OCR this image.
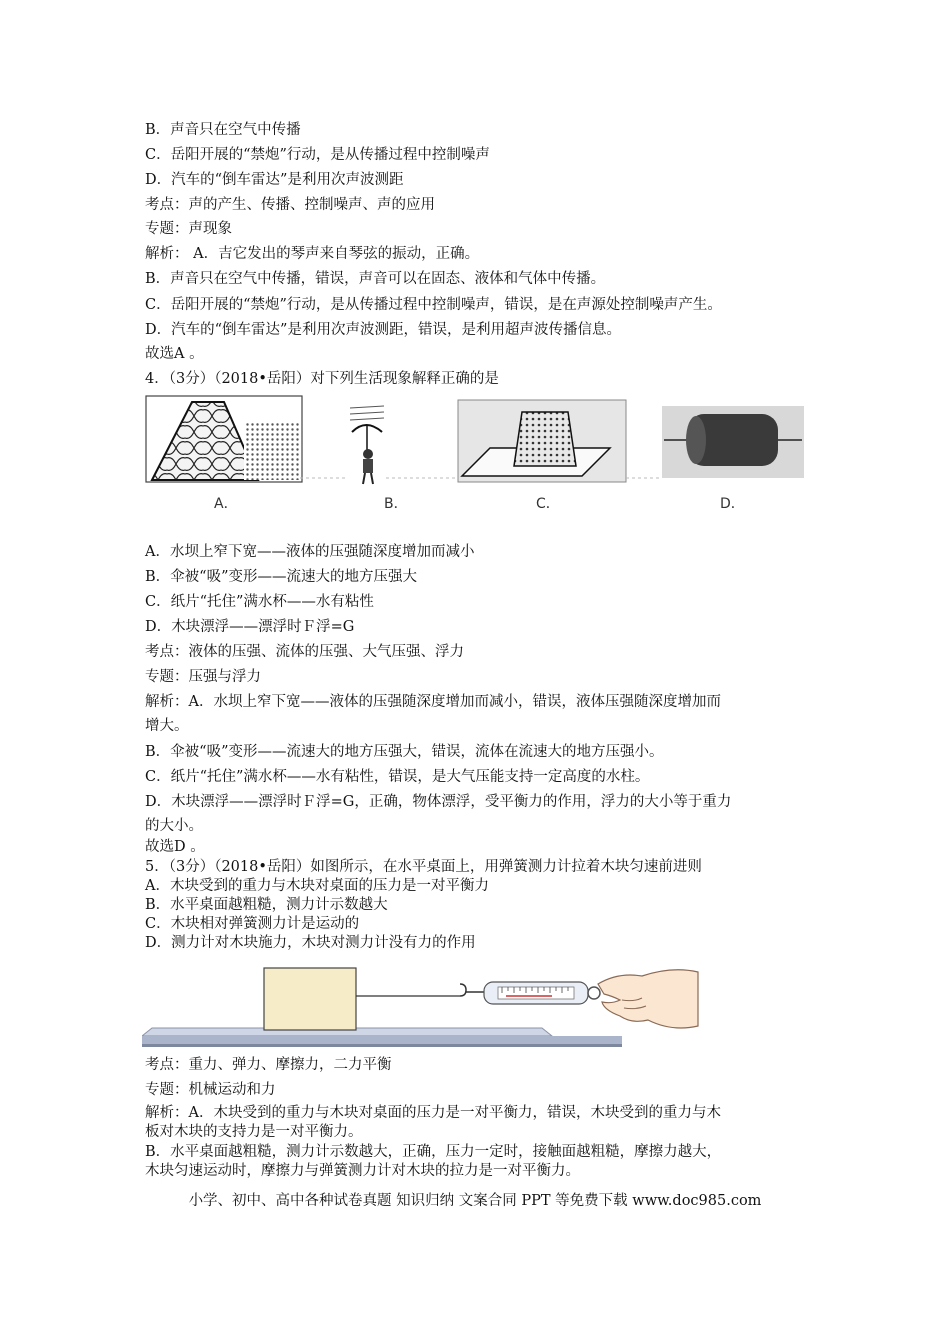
B．声音只在空气中传播
C．岳阳开展的“禁炮”行动，是从传播过程中控制噪声
D．汽车的“倒车雷达”是利用次声波测距
考点：声的产生、传播、控制噪声、声的应用
专题：声现象
解析： A．吉它发出的琴声来自琴弦的振动，正确。
B．声音只在空气中传播，错误，声音可以在固态、液体和气体中传播。
C．岳阳开展的“禁炮”行动，是从传播过程中控制噪声，错误，是在声源处控制噪声产生。
D．汽车的“倒车雷达”是利用次声波测距，错误，是利用超声波传播信息。
故选A 。
4．（3分）（2018•岳阳）对下列生活现象解释正确的是
A．	B．	C．	D．
A．水坝上窄下宽——液体的压强随深度增加而减小
B．伞被“吸”变形——流速大的地方压强大
C．纸片“托住”满水杯——水有粘性
D．木块漂浮——漂浮时Ｆ浮=G
考点：液体的压强、流体的压强、大气压强、浮力
专题：压强与浮力
解析：A．水坝上窄下宽——液体的压强随深度增加而减小，错误，液体压强随深度增加而
增大。
B．伞被“吸”变形——流速大的地方压强大，错误，流体在流速大的地方压强小。
C．纸片“托住”满水杯——水有粘性，错误，是大气压能支持一定高度的水柱。
D．木块漂浮——漂浮时Ｆ浮=G，正确，物体漂浮，受平衡力的作用，浮力的大小等于重力
的大小。
故选D 。
5．（3分）（2018•岳阳）如图所示，在水平桌面上，用弹簧测力计拉着木块匀速前进则
A．木块受到的重力与木块对桌面的压力是一对平衡力
B．水平桌面越粗糙，测力计示数越大
C．木块相对弹簧测力计是运动的
D．测力计对木块施力，木块对测力计没有力的作用
考点：重力、弹力、摩擦力，二力平衡
专题：机械运动和力
解析：A．木块受到的重力与木块对桌面的压力是一对平衡力，错误，木块受到的重力与木
板对木块的支持力是一对平衡力。
B．水平桌面越粗糙，测力计示数越大，正确，压力一定时，接触面越粗糙，摩擦力越大，
木块匀速运动时，摩擦力与弹簧测力计对木块的拉力是一对平衡力。
小学、初中、高中各种试卷真题 知识归纳 文案合同 PPT 等免费下载 www.doc985.com
